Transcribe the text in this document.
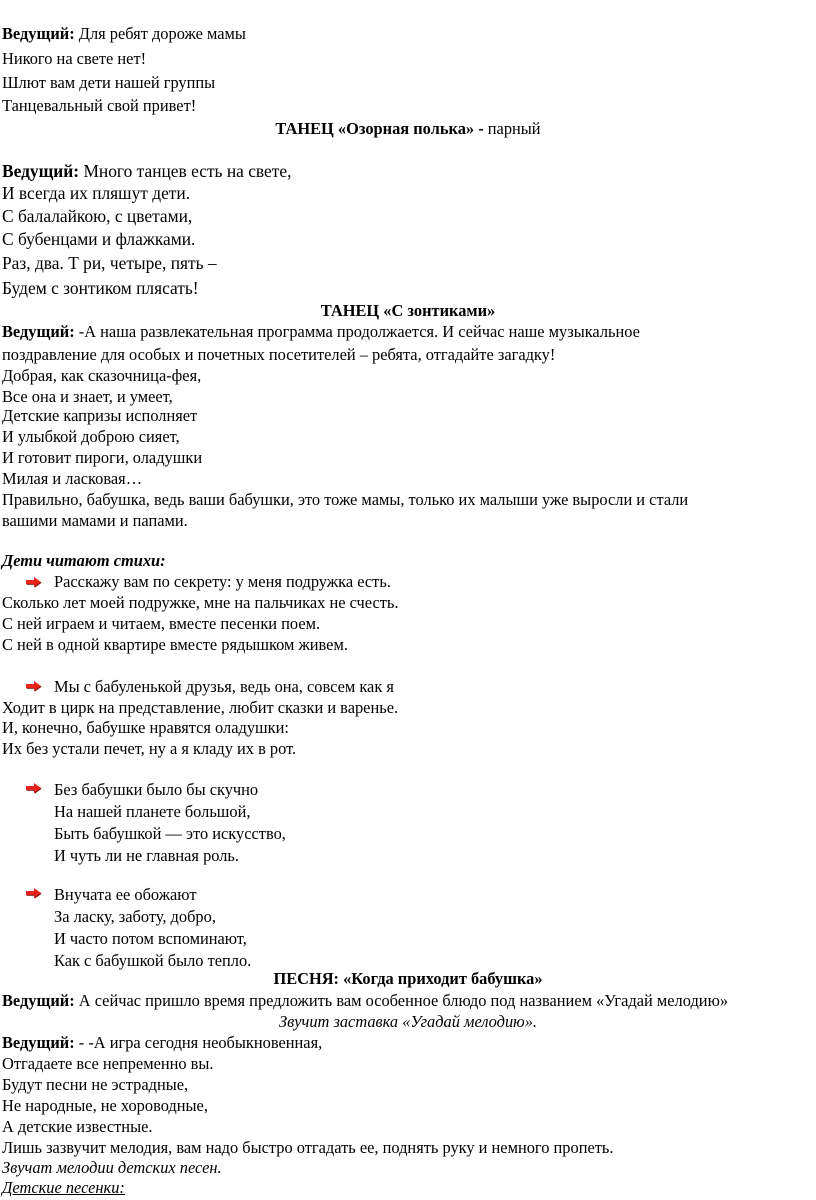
Ведущий: Для ребят дороже мамы
Никого на свете нет!
Шлют вам дети нашей группы
Танцевальный свой привет!
ТАНЕЦ «Озорная полька» - парный
Ведущий: Много танцев есть на свете,
И всегда их пляшут дети.
С балалайкою, с цветами,
С бубенцами и флажками.
Раз, два. Т ри, четыре, пять –
Будем с зонтиком плясать!
ТАНЕЦ «С зонтиками»
Ведущий: -А наша развлекательная программа продолжается. И сейчас наше музыкальное
поздравление для особых и почетных посетителей – ребята, отгадайте загадку!
Добрая, как сказочница-фея,
Все она и знает, и умеет,
Детские капризы исполняет
И улыбкой доброю сияет,
И готовит пироги, оладушки
Милая и ласковая…
Правильно, бабушка, ведь ваши бабушки, это тоже мамы, только их малыши уже выросли и стали
вашими мамами и папами.
Дети читают стихи:
Расскажу вам по секрету: у меня подружка есть.
Сколько лет моей подружке, мне на пальчиках не счесть.
С ней играем и читаем, вместе песенки поем.
С ней в одной квартире вместе рядышком живем.
Мы с бабуленькой друзья, ведь она, совсем как я
Ходит в цирк на представление, любит сказки и варенье.
И, конечно, бабушке нравятся оладушки:
Их без устали печет, ну а я кладу их в рот.
Без бабушки было бы скучно
На нашей планете большой,
Быть бабушкой — это искусство,
И чуть ли не главная роль.
Внучата ее обожают
За ласку, заботу, добро,
И часто потом вспоминают,
Как с бабушкой было тепло.
ПЕСНЯ: «Когда приходит бабушка»
Ведущий: А сейчас пришло время предложить вам особенное блюдо под названием «Угадай мелодию»
Звучит заставка «Угадай мелодию».
Ведущий: - -А игра сегодня необыкновенная,
Отгадаете все непременно вы.
Будут песни не эстрадные,
Не народные, не хороводные,
А детские известные.
Лишь зазвучит мелодия, вам надо быстро отгадать ее, поднять руку и немного пропеть.
Звучат мелодии детских песен.
Детские песенки:
